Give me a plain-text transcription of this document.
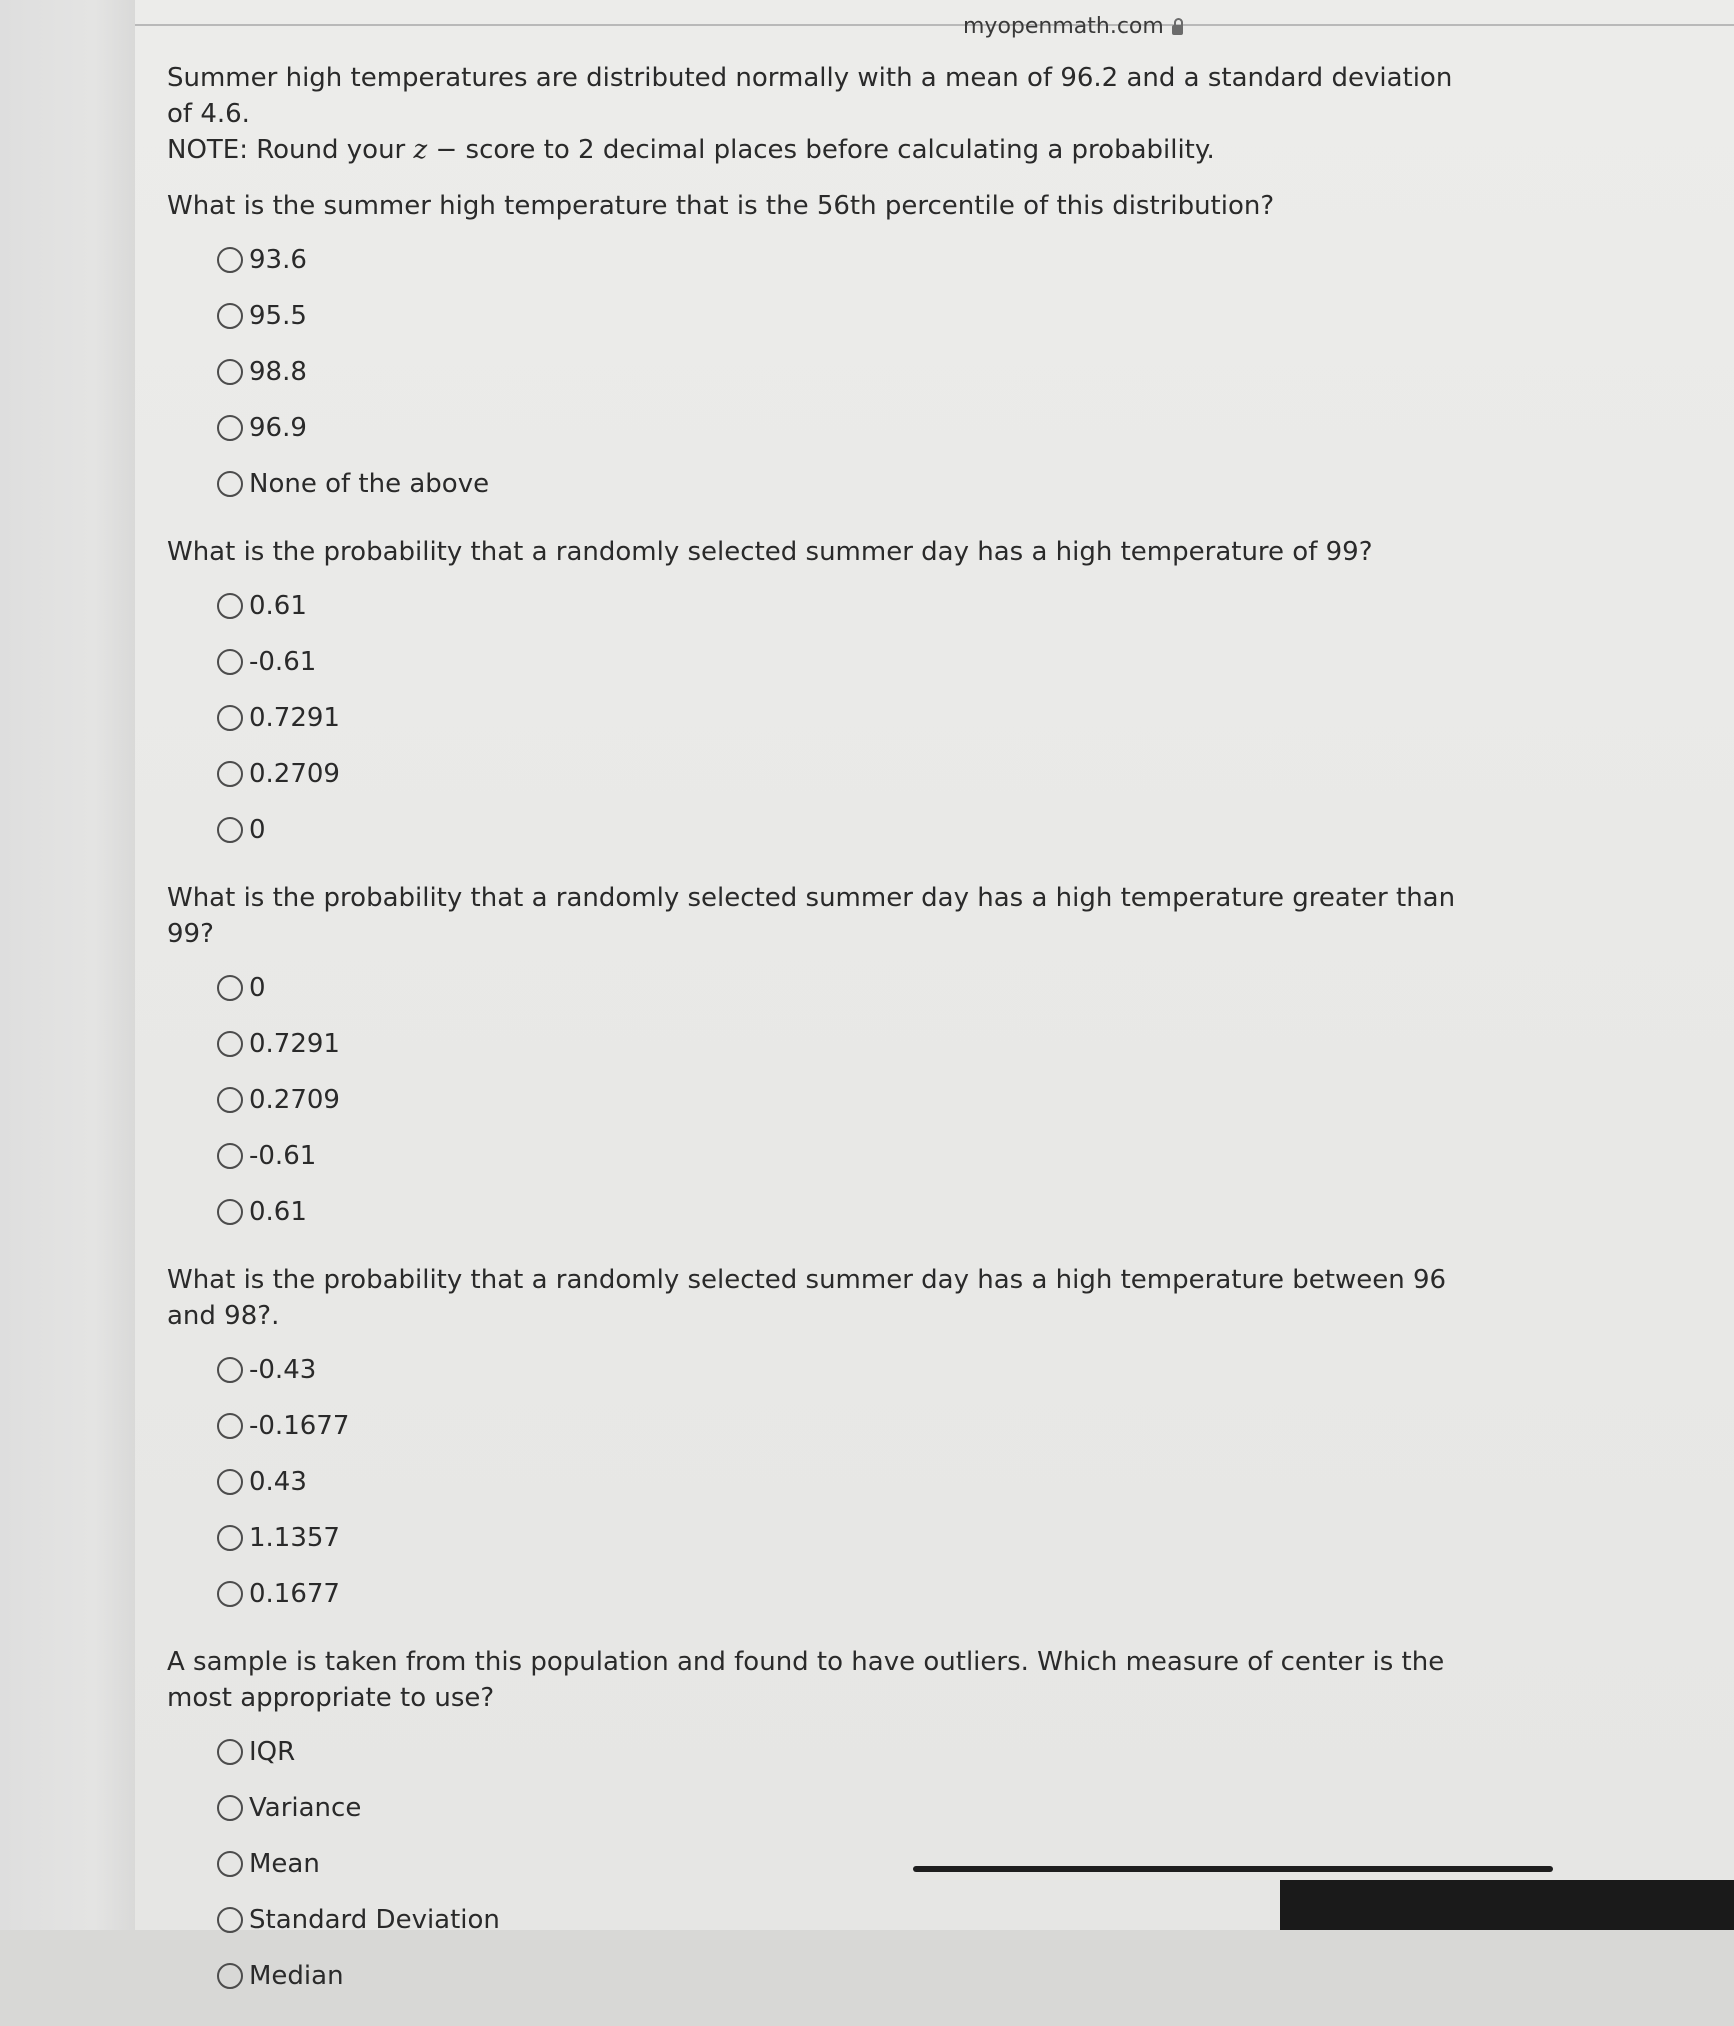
myopenmath.com
Summer high temperatures are distributed normally with a mean of 96.2 and a standard deviation of 4.6.
NOTE: Round your z − score to 2 decimal places before calculating a probability.
What is the summer high temperature that is the 56th percentile of this distribution?
93.6
95.5
98.8
96.9
None of the above
What is the probability that a randomly selected summer day has a high temperature of 99?
0.61
-0.61
0.7291
0.2709
0
What is the probability that a randomly selected summer day has a high temperature greater than 99?
0
0.7291
0.2709
-0.61
0.61
What is the probability that a randomly selected summer day has a high temperature between 96 and 98?.
-0.43
-0.1677
0.43
1.1357
0.1677
A sample is taken from this population and found to have outliers. Which measure of center is the most appropriate to use?
IQR
Variance
Mean
Standard Deviation
Median
